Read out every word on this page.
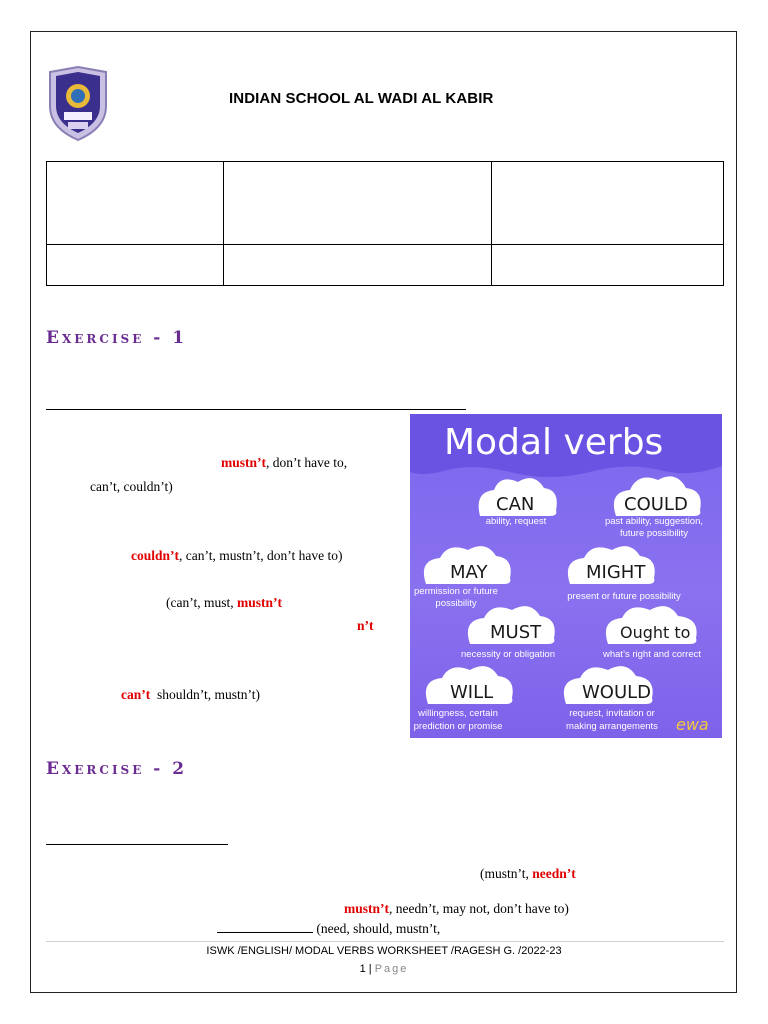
INDIAN SCHOOL AL WADI AL KABIR

Exercise - 1
mustn’t, don’t have to,
can’t, couldn’t)
couldn’t, can’t, mustn’t, don’t have to)
(can’t, must, mustn’t
n’t
can’t  shouldn’t, mustn’t)
Modal verbs
CAN
ability, request
COULD
past ability, suggestion,
future possibility
MAY
permission or future
possibility
MIGHT
present or future possibility
MUST
necessity or obligation
Ought to
what’s right and correct
WILL
willingness, certain
prediction or promise
WOULD
request, invitation or
making arrangements ewa
Exercise - 2
(mustn’t, needn’t
mustn’t, needn’t, may not, don’t have to)
(need, should, mustn’t,
ISWK /ENGLISH/ MODAL VERBS WORKSHEET /RAGESH G. /2022-23
1 | Page
